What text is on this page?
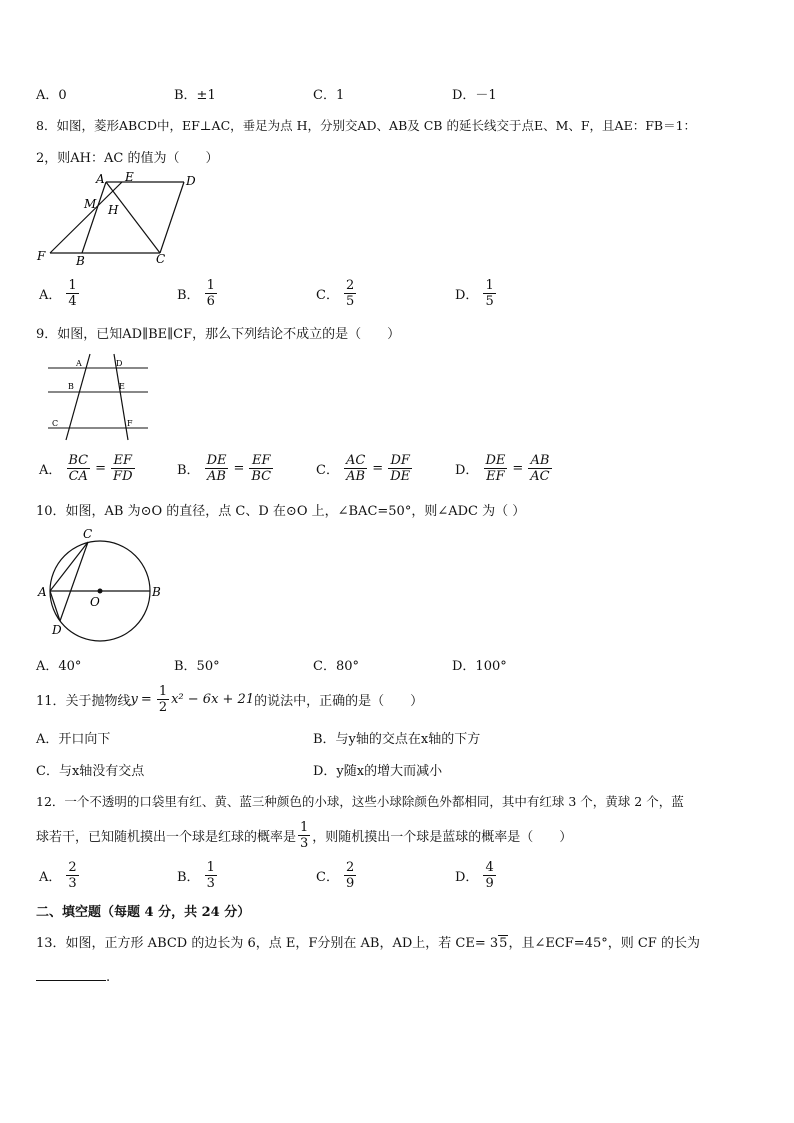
A．0	B．±1	C．1	D．－1
8．如图，菱形ABCD中，EF⊥AC，垂足为点 H，分别交AD、AB及 CB 的延长线交于点E、M、F，且AE：FB＝1：
2，则AH：AC 的值为（　　）
A E	D
M H
F	B	C
A． $\frac{1}{4}$	B． $\frac{1}{6}$	C． $\frac{2}{5}$	D． $\frac{1}{5}$
9．如图，已知AD∥BE∥CF，那么下列结论不成立的是（　　）
A	D
B	E
C	F
A． $\frac{BC}{CA} = \frac{EF}{FD}$	B． $\frac{DE}{AB} = \frac{EF}{BC}$	C． $\frac{AC}{AB} = \frac{DF}{DE}$	D． $\frac{DE}{EF} = \frac{AB}{AC}$
10．如图，AB 为⊙O 的直径，点 C、D 在⊙O 上，∠BAC=50°，则∠ADC 为（ ）
C
A
O
B
D
A．40°	B．50°	C．80°	D．100°
11．关于抛物线$y = \frac{1}{2} x^2 - 6x + 21$的说法中，正确的是（　　）
A．开口向下	B．与y轴的交点在x轴的下方
C．与x轴没有交点	D．y随x的增大而减小
12．一个不透明的口袋里有红、黄、蓝三种颜色的小球，这些小球除颜色外都相同，其中有红球 3 个，黄球 2 个，蓝
球若干，已知随机摸出一个球是红球的概率是 $\frac{1}{3}$ ，则随机摸出一个球是蓝球的概率是（　　）
A． $\frac{2}{3}$	B． $\frac{1}{3}$	C． $\frac{2}{9}$	D． $\frac{4}{9}$
二、填空题（每题 4 分，共 24 分）
13．如图，正方形 ABCD 的边长为 6，点 E，F分别在 AB，AD上，若 CE= 35，且∠ECF=45°，则 CF 的长为
.
